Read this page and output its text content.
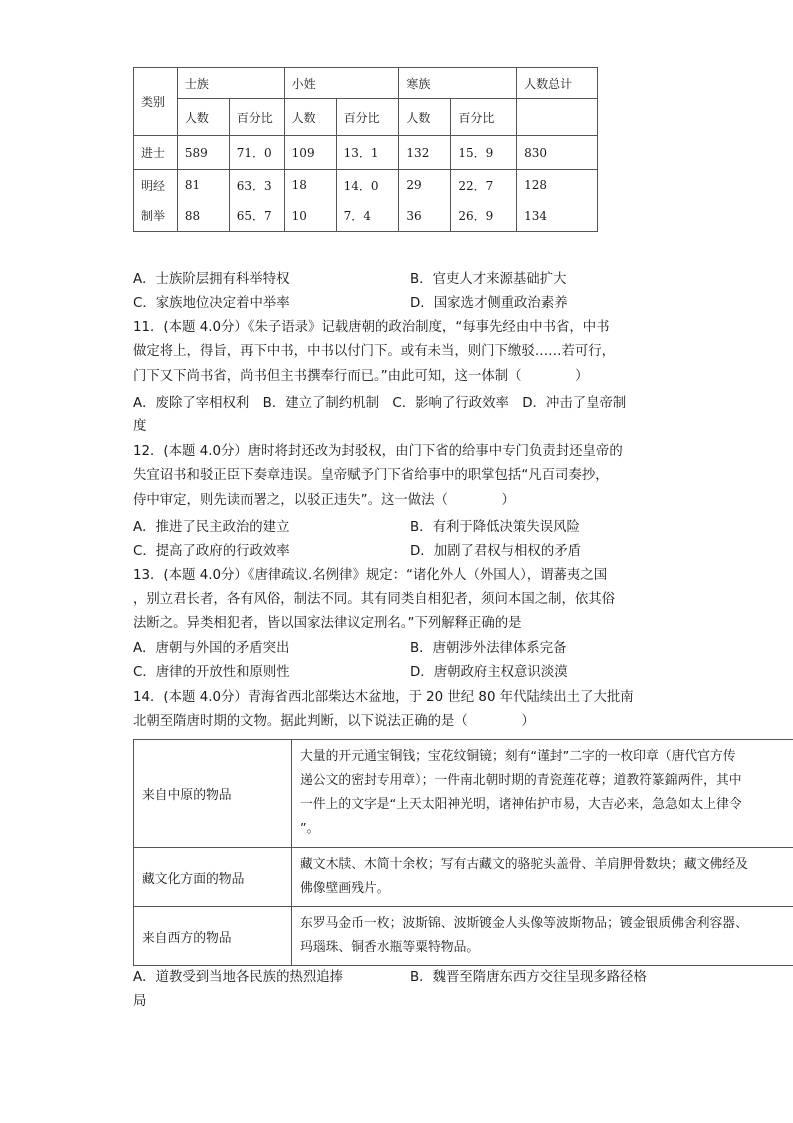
类别	士族		小姓		寒族		人数总计
	人数	百分比	人数	百分比	人数	百分比	
进士	589	71．0	109	13．1	132	15．9	830
明经	81	63．3	18	14．0	29	22．7	128
制举	88	65．7	10	7．4	36	26．9	134
A．士族阶层拥有科举特权	B．官吏人才来源基础扩大
C．家族地位决定着中举率	D．国家选才侧重政治素养
11．(本题 4.0分）《朱子语录》记载唐朝的政治制度，“每事先经由中书省，中书
做定将上，得旨，再下中书，中书以付门下。或有未当，则门下缴驳……若可行，
门下又下尚书省，尚书但主书撰奉行而已。”由此可知，这一体制（　　　　）
A．废除了宰相权利　B．建立了制约机制　C．影响了行政效率　D．冲击了皇帝制
度
12．(本题 4.0分）唐时将封还改为封驳权，由门下省的给事中专门负责封还皇帝的
失宜诏书和驳正臣下奏章违误。皇帝赋予门下省给事中的职掌包括“凡百司奏抄，
侍中审定，则先读而署之，以驳正违失”。这一做法（　　　　）
A．推进了民主政治的建立	B．有利于降低决策失误风险
C．提高了政府的行政效率	D．加剧了君权与相权的矛盾
13．(本题 4.0分）《唐律疏议.名例律》规定：“诸化外人（外国人），谓蕃夷之国
，别立君长者，各有风俗，制法不同。其有同类自相犯者，须问本国之制，依其俗
法断之。异类相犯者，皆以国家法律议定刑名。”下列解释正确的是
A．唐朝与外国的矛盾突出	B．唐朝涉外法律体系完备
C．唐律的开放性和原则性	D．唐朝政府主权意识淡漠
14．(本题 4.0分）青海省西北部柴达木盆地，于 20 世纪 80 年代陆续出土了大批南
北朝至隋唐时期的文物。据此判断，以下说法正确的是（　　　　）
来自中原的物品	大量的开元通宝铜钱；宝花纹铜镜；刻有“谨封”二字的一枚印章（唐代官方传
递公文的密封专用章）；一件南北朝时期的青瓷莲花尊；道教符篆錦两件，其中
一件上的文字是“上天太阳神光明，诸神佑护市易，大吉必来，急急如太上律令
”。

藏文化方面的物品	藏文木牍、木简十余枚；写有古藏文的骆驼头盖骨、羊肩胛骨数块；藏文佛经及
佛像壁画残片。

来自西方的物品	东罗马金币一枚；波斯锦、波斯镀金人头像等波斯物品；镀金银质佛舍利容器、
玛瑙珠、铜香水瓶等粟特物品。
A．道教受到当地各民族的热烈追捧	B．魏晋至隋唐东西方交往呈现多路径格
局
